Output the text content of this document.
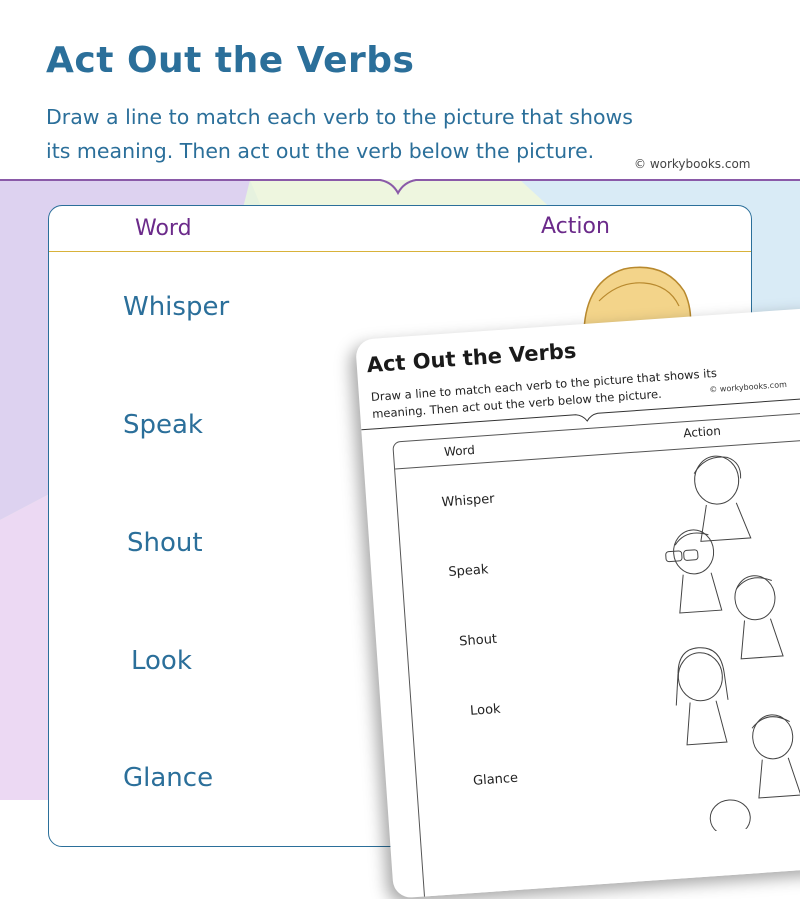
Act Out the Verbs

Draw a line to match each verb to the picture that shows its meaning. Then act out the verb below the picture.

© workybooks.com
Word	Action
Whisper
Speak
Shout
Look
Glance
Act Out the Verbs

Draw a line to match each verb to the picture that shows its meaning. Then act out the verb below the picture.	© workybooks.com
Word
Action
Whisper
Speak
Shout
Look
Glance
